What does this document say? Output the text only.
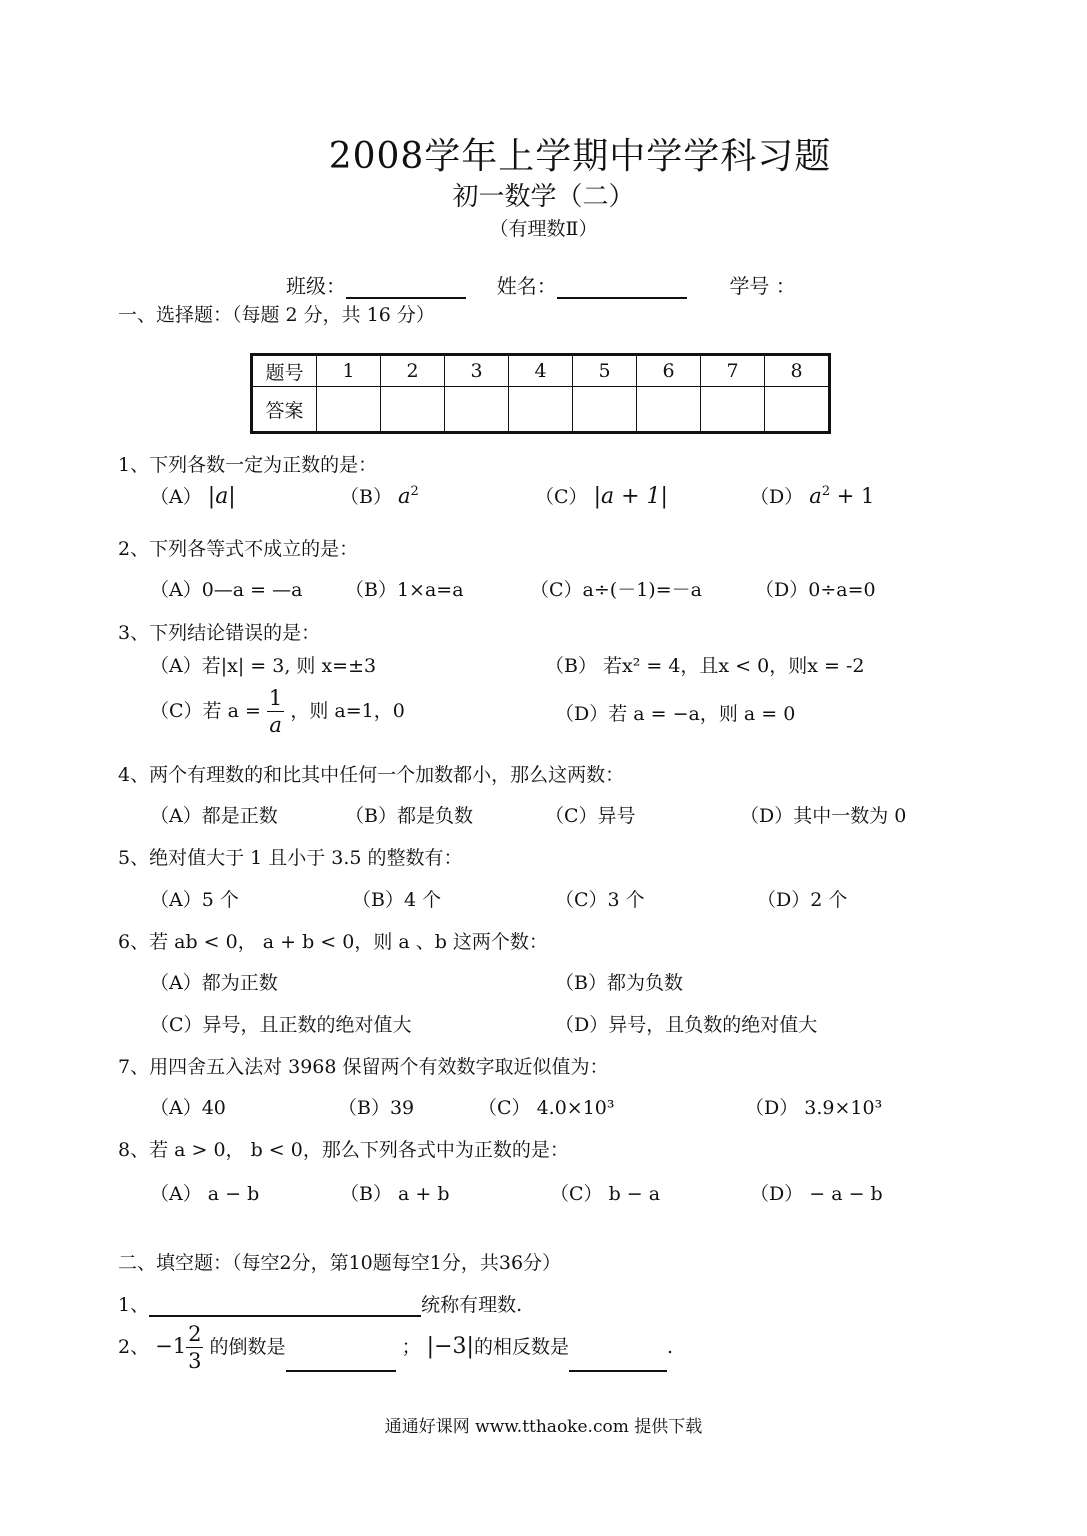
2008学年上学期中学学科习题
初一数学（二）
（有理数Ⅱ）
班级：	姓名：	学号 ：
一、选择题：（每题 2 分，共 16 分）
题号	1	2	3	4	5	6	7	8
答案								
1、下列各数一定为正数的是：
（A） |a|	（B） $a^2$	（C） |a + 1|	（D） $a^2 + 1$
2、下列各等式不成立的是：
（A）0—a = —a （B）1×a=a	（C）a÷(－1)=－a	（D）0÷a=0
3、下列结论错误的是：
（A）若|x| = 3, 则 x=±3	（B） 若x² = 4，且x < 0，则x = -2
（C）若 $a = \frac{1}{a}$ ，则 a=1，0	（D）若 a = −a，则 a = 0
4、两个有理数的和比其中任何一个加数都小，那么这两数：
（A）都是正数	（B）都是负数	（C）异号	（D）其中一数为 0
5、绝对值大于 1 且小于 3.5 的整数有：
（A）5 个	（B）4 个	（C）3 个	（D）2 个
6、若 ab < 0， a + b < 0，则 a 、b 这两个数：
（A）都为正数	（B）都为负数
（C）异号，且正数的绝对值大	（D）异号，且负数的绝对值大
7、用四舍五入法对 3968 保留两个有效数字取近似值为：
（A）40	（B）39	（C） 4.0×10³	（D） 3.9×10³
8、若 a > 0， b < 0，那么下列各式中为正数的是：
（A） a − b	（B） a + b	（C） b − a	（D） − a − b
二、填空题：（每空2分，第10题每空1分，共36分）
1、	统称有理数.
2、 $-1 \frac{2}{3}$ 的倒数是	； |−3|的相反数是	.
通通好课网 www.tthaoke.com 提供下载
